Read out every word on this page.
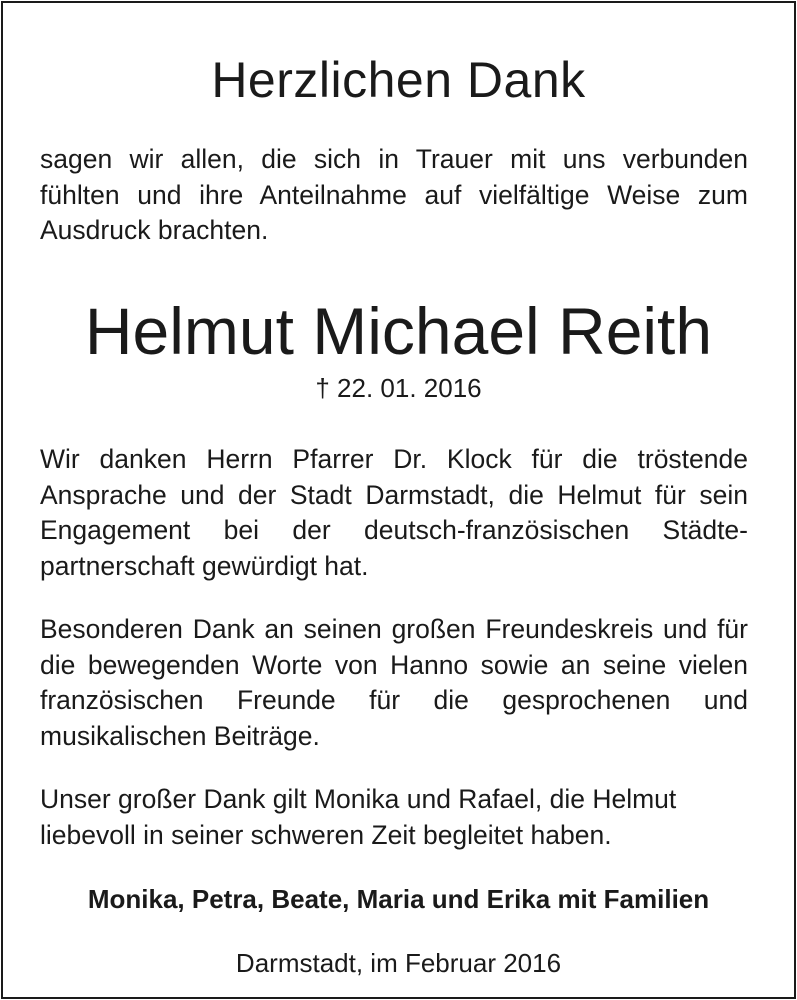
Herzlichen Dank
sagen wir allen, die sich in Trauer mit uns verbunden
fühlten und ihre Anteilnahme auf vielfältige Weise zum
Ausdruck brachten.
Helmut Michael Reith
† 22. 01. 2016
Wir danken Herrn Pfarrer Dr. Klock für die tröstende
Ansprache und der Stadt Darmstadt, die Helmut für sein
Engagement bei der deutsch-französischen Städte-
partnerschaft gewürdigt hat.
Besonderen Dank an seinen großen Freundeskreis und für
die bewegenden Worte von Hanno sowie an seine vielen
französischen Freunde für die gesprochenen und
musikalischen Beiträge.
Unser großer Dank gilt Monika und Rafael, die Helmut
liebevoll in seiner schweren Zeit begleitet haben.
Monika, Petra, Beate, Maria und Erika mit Familien
Darmstadt, im Februar 2016
